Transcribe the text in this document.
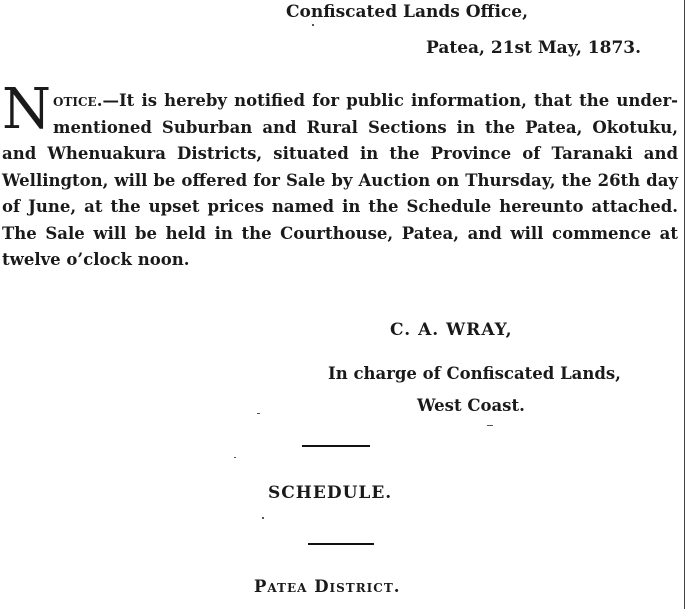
Confiscated Lands Office,
Patea, 21st May, 1873.
Notice.—It is hereby notified for public information, that the under-mentioned Suburban and Rural Sections in the Patea, Okotuku, and Whenuakura Districts, situated in the Province of Taranaki and Wellington, will be offered for Sale by Auction on Thursday, the 26th day of June, at the upset prices named in the Schedule hereunto attached. The Sale will be held in the Courthouse, Patea, and will commence at twelve o’clock noon.
C. A. WRAY,
In charge of Confiscated Lands,
West Coast.
SCHEDULE.
Patea District.
